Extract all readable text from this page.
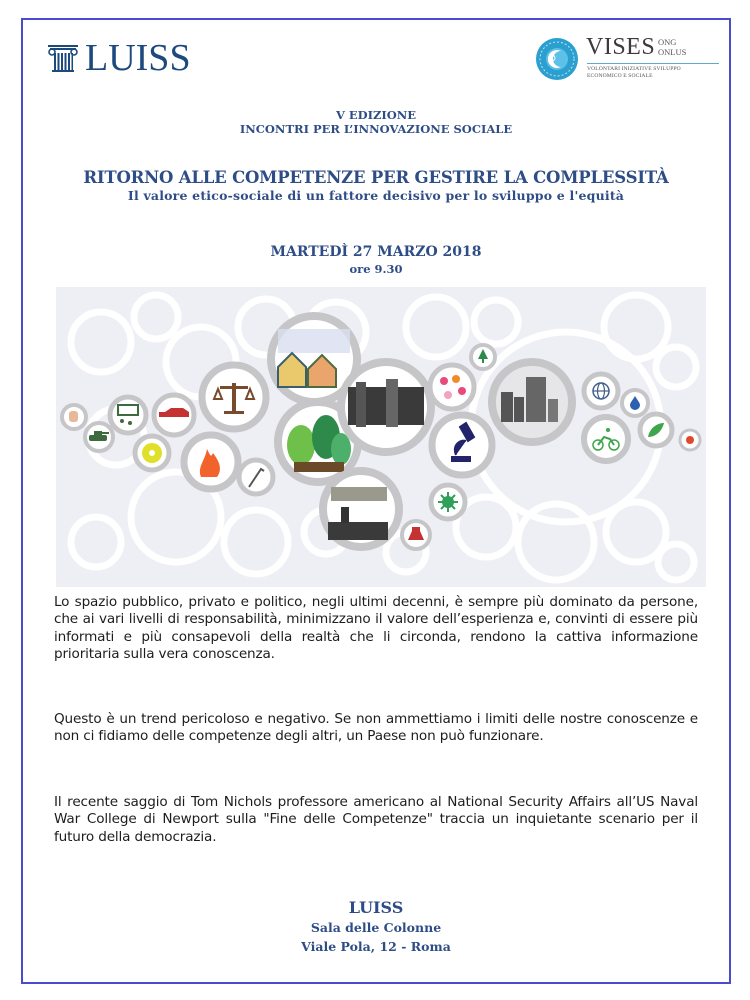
LUISS	VISES ONG
ONLUS
VOLONTARI INIZIATIVE SVILUPPO
ECONOMICO E SOCIALE
V EDIZIONE
INCONTRI PER L’INNOVAZIONE SOCIALE
RITORNO ALLE COMPETENZE PER GESTIRE LA COMPLESSITÀ
Il valore etico-sociale di un fattore decisivo per lo sviluppo e l'equità
MARTEDÌ 27 MARZO 2018
ore 9.30

Lo spazio pubblico, privato e politico, negli ultimi decenni, è sempre più dominato da persone, che ai vari livelli di responsabilità, minimizzano il valore dell’esperienza e, convinti di essere più informati e più consapevoli della realtà che li circonda, rendono la cattiva informazione prioritaria sulla vera conoscenza.

Questo è un trend pericoloso e negativo. Se non ammettiamo i limiti delle nostre conoscenze e non ci fidiamo delle competenze degli altri, un Paese non può funzionare.

Il recente saggio di Tom Nichols professore americano al National Security Affairs all’US Naval War College di Newport sulla "Fine delle Competenze" traccia un inquietante scenario per il futuro della democrazia.

LUISS
Sala delle Colonne
Viale Pola, 12 - Roma
